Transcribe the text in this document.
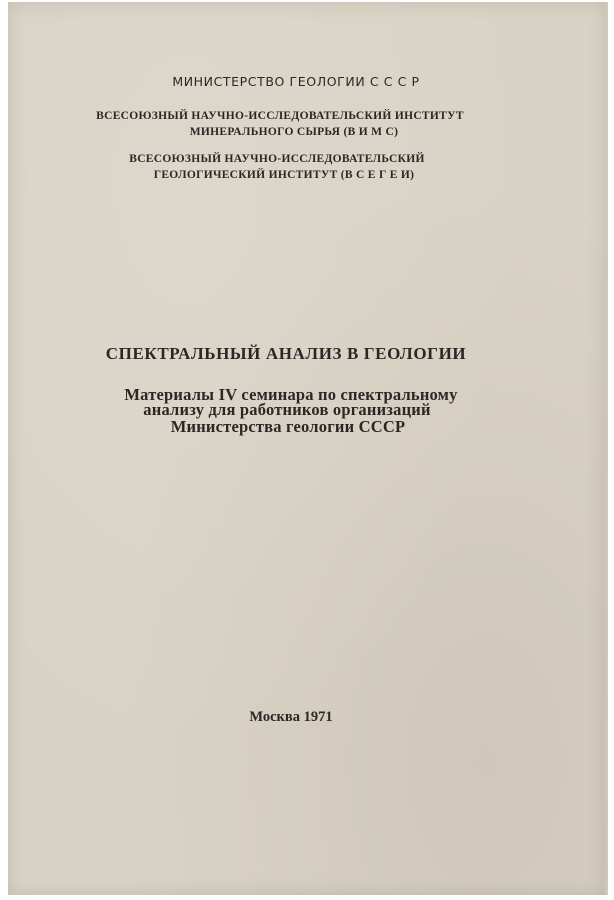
МИНИСТЕРСТВО ГЕОЛОГИИ С С С Р
ВСЕСОЮЗНЫЙ НАУЧНО-ИССЛЕДОВАТЕЛЬСКИЙ ИНСТИТУТ
МИНЕРАЛЬНОГО СЫРЬЯ (В И М С)
ВСЕСОЮЗНЫЙ НАУЧНО-ИССЛЕДОВАТЕЛЬСКИЙ
ГЕОЛОГИЧЕСКИЙ ИНСТИТУТ (В С Е Г Е И)
СПЕКТРАЛЬНЫЙ АНАЛИЗ В ГЕОЛОГИИ
Материалы IV семинара по спектральному
анализу для работников организаций
Министерства геологии СССР
Москва 1971
